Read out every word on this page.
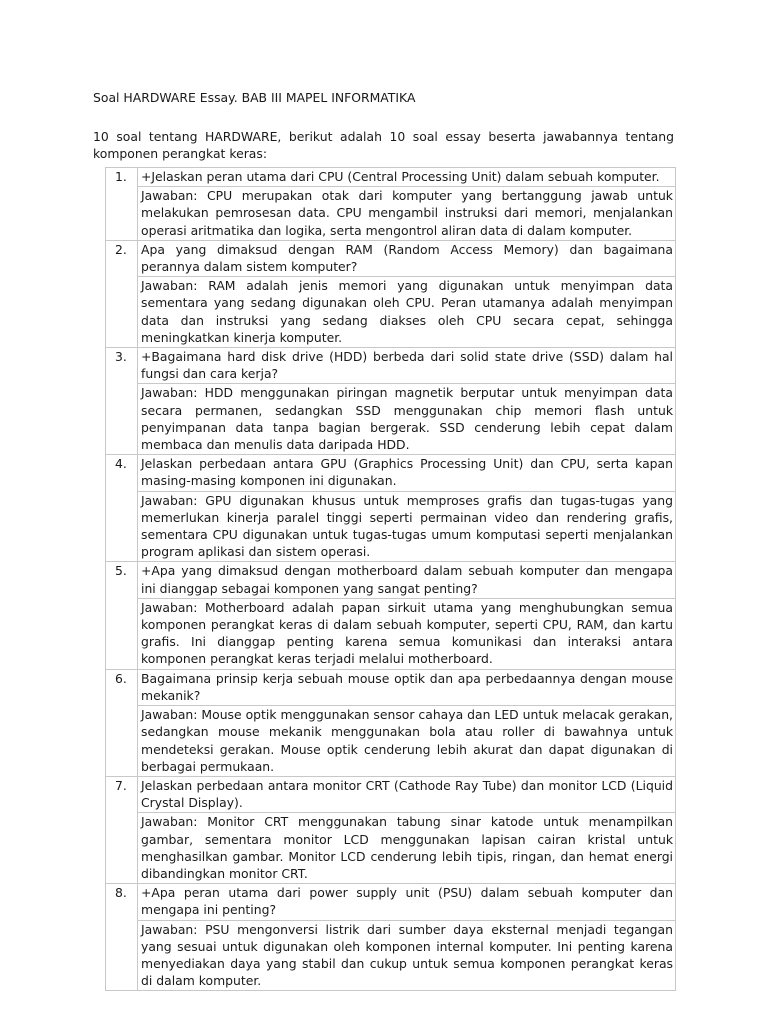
Soal HARDWARE Essay. BAB III MAPEL INFORMATIKA
10 soal tentang HARDWARE, berikut adalah 10 soal essay beserta jawabannya tentang komponen perangkat keras:
1.	+Jelaskan peran utama dari CPU (Central Processing Unit) dalam sebuah komputer.
	Jawaban: CPU merupakan otak dari komputer yang bertanggung jawab untuk melakukan pemrosesan data. CPU mengambil instruksi dari memori, menjalankan operasi aritmatika dan logika, serta mengontrol aliran data di dalam komputer.
2.	Apa yang dimaksud dengan RAM (Random Access Memory) dan bagaimana perannya dalam sistem komputer?
	Jawaban: RAM adalah jenis memori yang digunakan untuk menyimpan data sementara yang sedang digunakan oleh CPU. Peran utamanya adalah menyimpan data dan instruksi yang sedang diakses oleh CPU secara cepat, sehingga meningkatkan kinerja komputer.
3.	+Bagaimana hard disk drive (HDD) berbeda dari solid state drive (SSD) dalam hal fungsi dan cara kerja?
	Jawaban: HDD menggunakan piringan magnetik berputar untuk menyimpan data secara permanen, sedangkan SSD menggunakan chip memori flash untuk penyimpanan data tanpa bagian bergerak. SSD cenderung lebih cepat dalam membaca dan menulis data daripada HDD.
4.	Jelaskan perbedaan antara GPU (Graphics Processing Unit) dan CPU, serta kapan masing-masing komponen ini digunakan.
	Jawaban: GPU digunakan khusus untuk memproses grafis dan tugas-tugas yang memerlukan kinerja paralel tinggi seperti permainan video dan rendering grafis, sementara CPU digunakan untuk tugas-tugas umum komputasi seperti menjalankan program aplikasi dan sistem operasi.
5.	+Apa yang dimaksud dengan motherboard dalam sebuah komputer dan mengapa ini dianggap sebagai komponen yang sangat penting?
	Jawaban: Motherboard adalah papan sirkuit utama yang menghubungkan semua komponen perangkat keras di dalam sebuah komputer, seperti CPU, RAM, dan kartu grafis. Ini dianggap penting karena semua komunikasi dan interaksi antara komponen perangkat keras terjadi melalui motherboard.
6.	Bagaimana prinsip kerja sebuah mouse optik dan apa perbedaannya dengan mouse mekanik?
	Jawaban: Mouse optik menggunakan sensor cahaya dan LED untuk melacak gerakan, sedangkan mouse mekanik menggunakan bola atau roller di bawahnya untuk mendeteksi gerakan. Mouse optik cenderung lebih akurat dan dapat digunakan di berbagai permukaan.
7.	Jelaskan perbedaan antara monitor CRT (Cathode Ray Tube) dan monitor LCD (Liquid Crystal Display).
	Jawaban: Monitor CRT menggunakan tabung sinar katode untuk menampilkan gambar, sementara monitor LCD menggunakan lapisan cairan kristal untuk menghasilkan gambar. Monitor LCD cenderung lebih tipis, ringan, dan hemat energi dibandingkan monitor CRT.
8.	+Apa peran utama dari power supply unit (PSU) dalam sebuah komputer dan mengapa ini penting?
	Jawaban: PSU mengonversi listrik dari sumber daya eksternal menjadi tegangan yang sesuai untuk digunakan oleh komponen internal komputer. Ini penting karena menyediakan daya yang stabil dan cukup untuk semua komponen perangkat keras di dalam komputer.
